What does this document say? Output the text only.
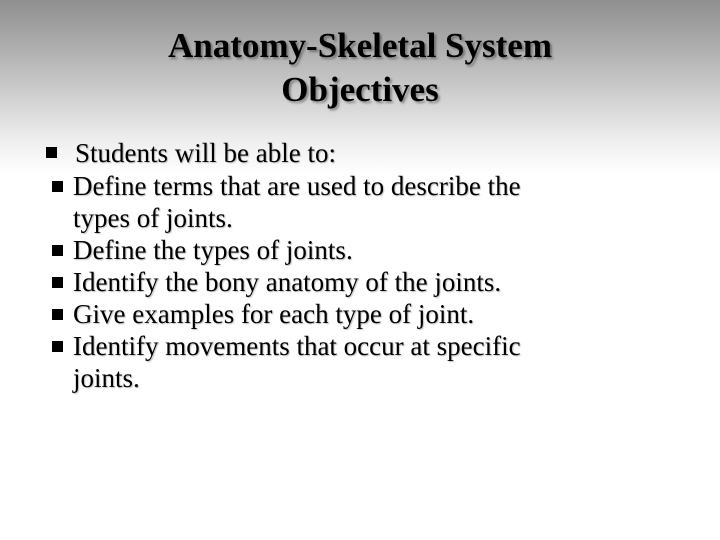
Anatomy-Skeletal System
Objectives
Students will be able to:
Define terms that are used to describe the
types of joints.
Define the types of joints.
Identify the bony anatomy of the joints.
Give examples for each type of joint.
Identify movements that occur at specific
joints.
